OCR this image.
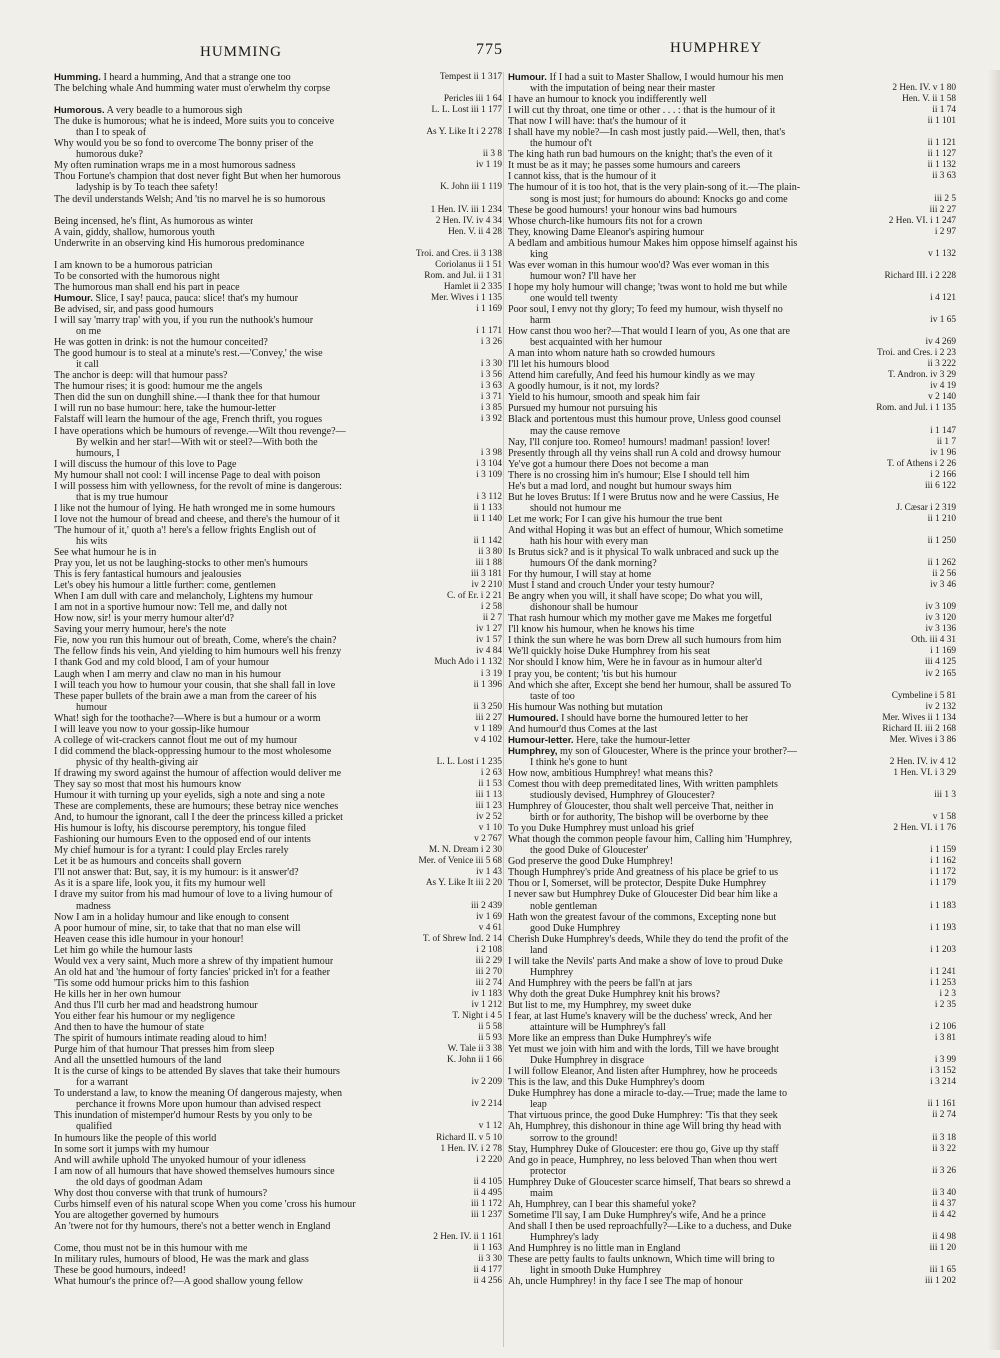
HUMMING	775	HUMPHREY
Humming. I heard a humming, And that a strange one too	Tempest ii 1 317
The belching whale And humming water must o'erwhelm thy corpse
Pericles iii 1 64
Humorous. A very beadle to a humorous sigh	L. L. Lost iii 1 177
The duke is humorous; what he is indeed, More suits you to conceive
than I to speak of	As Y. Like It i 2 278
Why would you be so fond to overcome The bonny priser of the
humorous duke?	ii 3 8
My often rumination wraps me in a most humorous sadness	iv 1 19
Thou Fortune's champion that dost never fight But when her humorous
ladyship is by To teach thee safety!	K. John iii 1 119
The devil understands Welsh; And 'tis no marvel he is so humorous
1 Hen. IV. iii 1 234
Being incensed, he's flint, As humorous as winter	2 Hen. IV. iv 4 34
A vain, giddy, shallow, humorous youth	Hen. V. ii 4 28
Underwrite in an observing kind His humorous predominance
Troi. and Cres. ii 3 138
I am known to be a humorous patrician	Coriolanus ii 1 51
To be consorted with the humorous night	Rom. and Jul. ii 1 31
The humorous man shall end his part in peace	Hamlet ii 2 335
Humour. Slice, I say! pauca, pauca: slice! that's my humour	Mer. Wives i 1 135
Be advised, sir, and pass good humours	i 1 169
I will say 'marry trap' with you, if you run the nuthook's humour
on me	i 1 171
He was gotten in drink: is not the humour conceited?	i 3 26
The good humour is to steal at a minute's rest.—'Convey,' the wise
it call	i 3 30
The anchor is deep: will that humour pass?	i 3 56
The humour rises; it is good: humour me the angels	i 3 63
Then did the sun on dunghill shine.—I thank thee for that humour	i 3 71
I will run no base humour: here, take the humour-letter	i 3 85
Falstaff will learn the humour of the age, French thrift, you rogues	i 3 92
I have operations which be humours of revenge.—Wilt thou revenge?—
By welkin and her star!—With wit or steel?—With both the
humours, I	i 3 98
I will discuss the humour of this love to Page	i 3 104
My humour shall not cool: I will incense Page to deal with poison	i 3 109
I will possess him with yellowness, for the revolt of mine is dangerous:
that is my true humour	i 3 112
I like not the humour of lying. He hath wronged me in some humours	ii 1 133
I love not the humour of bread and cheese, and there's the humour of it	ii 1 140
'The humour of it,' quoth a'! here's a fellow frights English out of
his wits	ii 1 142
See what humour he is in	ii 3 80
Pray you, let us not be laughing-stocks to other men's humours	iii 1 88
This is fery fantastical humours and jealousies	iii 3 181
Let's obey his humour a little further: come, gentlemen	iv 2 210
When I am dull with care and melancholy, Lightens my humour	C. of Er. i 2 21
I am not in a sportive humour now: Tell me, and dally not	i 2 58
How now, sir! is your merry humour alter'd?	ii 2 7
Saving your merry humour, here's the note	iv 1 27
Fie, now you run this humour out of breath, Come, where's the chain?	iv 1 57
The fellow finds his vein, And yielding to him humours well his frenzy	iv 4 84
I thank God and my cold blood, I am of your humour	Much Ado i 1 132
Laugh when I am merry and claw no man in his humour	i 3 19
I will teach you how to humour your cousin, that she shall fall in love	ii 1 396
These paper bullets of the brain awe a man from the career of his
humour	ii 3 250
What! sigh for the toothache?—Where is but a humour or a worm	iii 2 27
I will leave you now to your gossip-like humour	v 1 189
A college of wit-crackers cannot flout me out of my humour	v 4 102
I did commend the black-oppressing humour to the most wholesome
physic of thy health-giving air	L. L. Lost i 1 235
If drawing my sword against the humour of affection would deliver me	i 2 63
They say so most that most his humours know	ii 1 53
Humour it with turning up your eyelids, sigh a note and sing a note	iii 1 13
These are complements, these are humours; these betray nice wenches	iii 1 23
And, to humour the ignorant, call I the deer the princess killed a pricket	iv 2 52
His humour is lofty, his discourse peremptory, his tongue filed	v 1 10
Fashioning our humours Even to the opposed end of our intents	v 2 767
My chief humour is for a tyrant: I could play Ercles rarely	M. N. Dream i 2 30
Let it be as humours and conceits shall govern	Mer. of Venice iii 5 68
I'll not answer that: But, say, it is my humour: is it answer'd?	iv 1 43
As it is a spare life, look you, it fits my humour well	As Y. Like It iii 2 20
I drave my suitor from his mad humour of love to a living humour of
madness	iii 2 439
Now I am in a holiday humour and like enough to consent	iv 1 69
A poor humour of mine, sir, to take that that no man else will	v 4 61
Heaven cease this idle humour in your honour!	T. of Shrew Ind. 2 14
Let him go while the humour lasts	i 2 108
Would vex a very saint, Much more a shrew of thy impatient humour	iii 2 29
An old hat and 'the humour of forty fancies' pricked in't for a feather	iii 2 70
'Tis some odd humour pricks him to this fashion	iii 2 74
He kills her in her own humour	iv 1 183
And thus I'll curb her mad and headstrong humour	iv 1 212
You either fear his humour or my negligence	T. Night i 4 5
And then to have the humour of state	ii 5 58
The spirit of humours intimate reading aloud to him!	ii 5 93
Purge him of that humour That presses him from sleep	W. Tale ii 3 38
And all the unsettled humours of the land	K. John ii 1 66
It is the curse of kings to be attended By slaves that take their humours
for a warrant	iv 2 209
To understand a law, to know the meaning Of dangerous majesty, when
perchance it frowns More upon humour than advised respect	iv 2 214
This inundation of mistemper'd humour Rests by you only to be
qualified	v 1 12
In humours like the people of this world	Richard II. v 5 10
In some sort it jumps with my humour	1 Hen. IV. i 2 78
And will awhile uphold The unyoked humour of your idleness	i 2 220
I am now of all humours that have showed themselves humours since
the old days of goodman Adam	ii 4 105
Why dost thou converse with that trunk of humours?	ii 4 495
Curbs himself even of his natural scope When you come 'cross his humour	iii 1 172
You are altogether governed by humours	iii 1 237
An 'twere not for thy humours, there's not a better wench in England
2 Hen. IV. ii 1 161
Come, thou must not be in this humour with me	ii 1 163
In military rules, humours of blood, He was the mark and glass	ii 3 30
These be good humours, indeed!	ii 4 177
What humour's the prince of?—A good shallow young fellow	ii 4 256
Humour. If I had a suit to Master Shallow, I would humour his men
with the imputation of being near their master	2 Hen. IV. v 1 80
I have an humour to knock you indifferently well	Hen. V. ii 1 58
I will cut thy throat, one time or other . . . : that is the humour of it	ii 1 74
That now I will have: that's the humour of it	ii 1 101
I shall have my noble?—In cash most justly paid.—Well, then, that's
the humour of't	ii 1 121
The king hath run bad humours on the knight; that's the even of it	ii 1 127
It must be as it may; he passes some humours and careers	ii 1 132
I cannot kiss, that is the humour of it	ii 3 63
The humour of it is too hot, that is the very plain-song of it.—The plain-
song is most just; for humours do abound: Knocks go and come	iii 2 5
These be good humours! your honour wins bad humours	iii 2 27
Whose church-like humours fits not for a crown	2 Hen. VI. i 1 247
They, knowing Dame Eleanor's aspiring humour	i 2 97
A bedlam and ambitious humour Makes him oppose himself against his
king	v 1 132
Was ever woman in this humour woo'd? Was ever woman in this
humour won? I'll have her	Richard III. i 2 228
I hope my holy humour will change; 'twas wont to hold me but while
one would tell twenty	i 4 121
Poor soul, I envy not thy glory; To feed my humour, wish thyself no
harm	iv 1 65
How canst thou woo her?—That would I learn of you, As one that are
best acquainted with her humour	iv 4 269
A man into whom nature hath so crowded humours	Troi. and Cres. i 2 23
I'll let his humours blood	ii 3 222
Attend him carefully, And feed his humour kindly as we may	T. Andron. iv 3 29
A goodly humour, is it not, my lords?	iv 4 19
Yield to his humour, smooth and speak him fair	v 2 140
Pursued my humour not pursuing his	Rom. and Jul. i 1 135
Black and portentous must this humour prove, Unless good counsel
may the cause remove	i 1 147
Nay, I'll conjure too. Romeo! humours! madman! passion! lover!	ii 1 7
Presently through all thy veins shall run A cold and drowsy humour	iv 1 96
Ye've got a humour there Does not become a man	T. of Athens i 2 26
There is no crossing him in's humour; Else I should tell him	i 2 166
He's but a mad lord, and nought but humour sways him	iii 6 122
But he loves Brutus: If I were Brutus now and he were Cassius, He
should not humour me	J. Cæsar i 2 319
Let me work; For I can give his humour the true bent	ii 1 210
And withal Hoping it was but an effect of humour, Which sometime
hath his hour with every man	ii 1 250
Is Brutus sick? and is it physical To walk unbraced and suck up the
humours Of the dank morning?	ii 1 262
For thy humour, I will stay at home	ii 2 56
Must I stand and crouch Under your testy humour?	iv 3 46
Be angry when you will, it shall have scope; Do what you will,
dishonour shall be humour	iv 3 109
That rash humour which my mother gave me Makes me forgetful	iv 3 120
I'll know his humour, when he knows his time	iv 3 136
I think the sun where he was born Drew all such humours from him	Oth. iii 4 31
We'll quickly hoise Duke Humphrey from his seat	i 1 169
Nor should I know him, Were he in favour as in humour alter'd	iii 4 125
I pray you, be content; 'tis but his humour	iv 2 165
And which she after, Except she bend her humour, shall be assured To
taste of too	Cymbeline i 5 81
His humour Was nothing but mutation	iv 2 132
Humoured. I should have borne the humoured letter to her	Mer. Wives ii 1 134
And humour'd thus Comes at the last	Richard II. iii 2 168
Humour-letter. Here, take the humour-letter	Mer. Wives i 3 86
Humphrey, my son of Gloucester, Where is the prince your brother?—
I think he's gone to hunt	2 Hen. IV. iv 4 12
How now, ambitious Humphrey! what means this?	1 Hen. VI. i 3 29
Comest thou with deep premeditated lines, With written pamphlets
studiously devised, Humphrey of Gloucester?	iii 1 3
Humphrey of Gloucester, thou shalt well perceive That, neither in
birth or for authority, The bishop will be overborne by thee	v 1 58
To you Duke Humphrey must unload his grief	2 Hen. VI. i 1 76
What though the common people favour him, Calling him 'Humphrey,
the good Duke of Gloucester'	i 1 159
God preserve the good Duke Humphrey!	i 1 162
Though Humphrey's pride And greatness of his place be grief to us	i 1 172
Thou or I, Somerset, will be protector, Despite Duke Humphrey	i 1 179
I never saw but Humphrey Duke of Gloucester Did bear him like a
noble gentleman	i 1 183
Hath won the greatest favour of the commons, Excepting none but
good Duke Humphrey	i 1 193
Cherish Duke Humphrey's deeds, While they do tend the profit of the
land	i 1 203
I will take the Nevils' parts And make a show of love to proud Duke
Humphrey	i 1 241
And Humphrey with the peers be fall'n at jars	i 1 253
Why doth the great Duke Humphrey knit his brows?	i 2 3
But list to me, my Humphrey, my sweet duke	i 2 35
I fear, at last Hume's knavery will be the duchess' wreck, And her
attainture will be Humphrey's fall	i 2 106
More like an empress than Duke Humphrey's wife	i 3 81
Yet must we join with him and with the lords, Till we have brought
Duke Humphrey in disgrace	i 3 99
I will follow Eleanor, And listen after Humphrey, how he proceeds	i 3 152
This is the law, and this Duke Humphrey's doom	i 3 214
Duke Humphrey has done a miracle to-day.—True; made the lame to
leap	ii 1 161
That virtuous prince, the good Duke Humphrey: 'Tis that they seek	ii 2 74
Ah, Humphrey, this dishonour in thine age Will bring thy head with
sorrow to the ground!	ii 3 18
Stay, Humphrey Duke of Gloucester: ere thou go, Give up thy staff	ii 3 22
And go in peace, Humphrey, no less beloved Than when thou wert
protector	ii 3 26
Humphrey Duke of Gloucester scarce himself, That bears so shrewd a
maim	ii 3 40
Ah, Humphrey, can I bear this shameful yoke?	ii 4 37
Sometime I'll say, I am Duke Humphrey's wife, And he a prince	ii 4 42
And shall I then be used reproachfully?—Like to a duchess, and Duke
Humphrey's lady	ii 4 98
And Humphrey is no little man in England	iii 1 20
These are petty faults to faults unknown, Which time will bring to
light in smooth Duke Humphrey	iii 1 65
Ah, uncle Humphrey! in thy face I see The map of honour	iii 1 202
